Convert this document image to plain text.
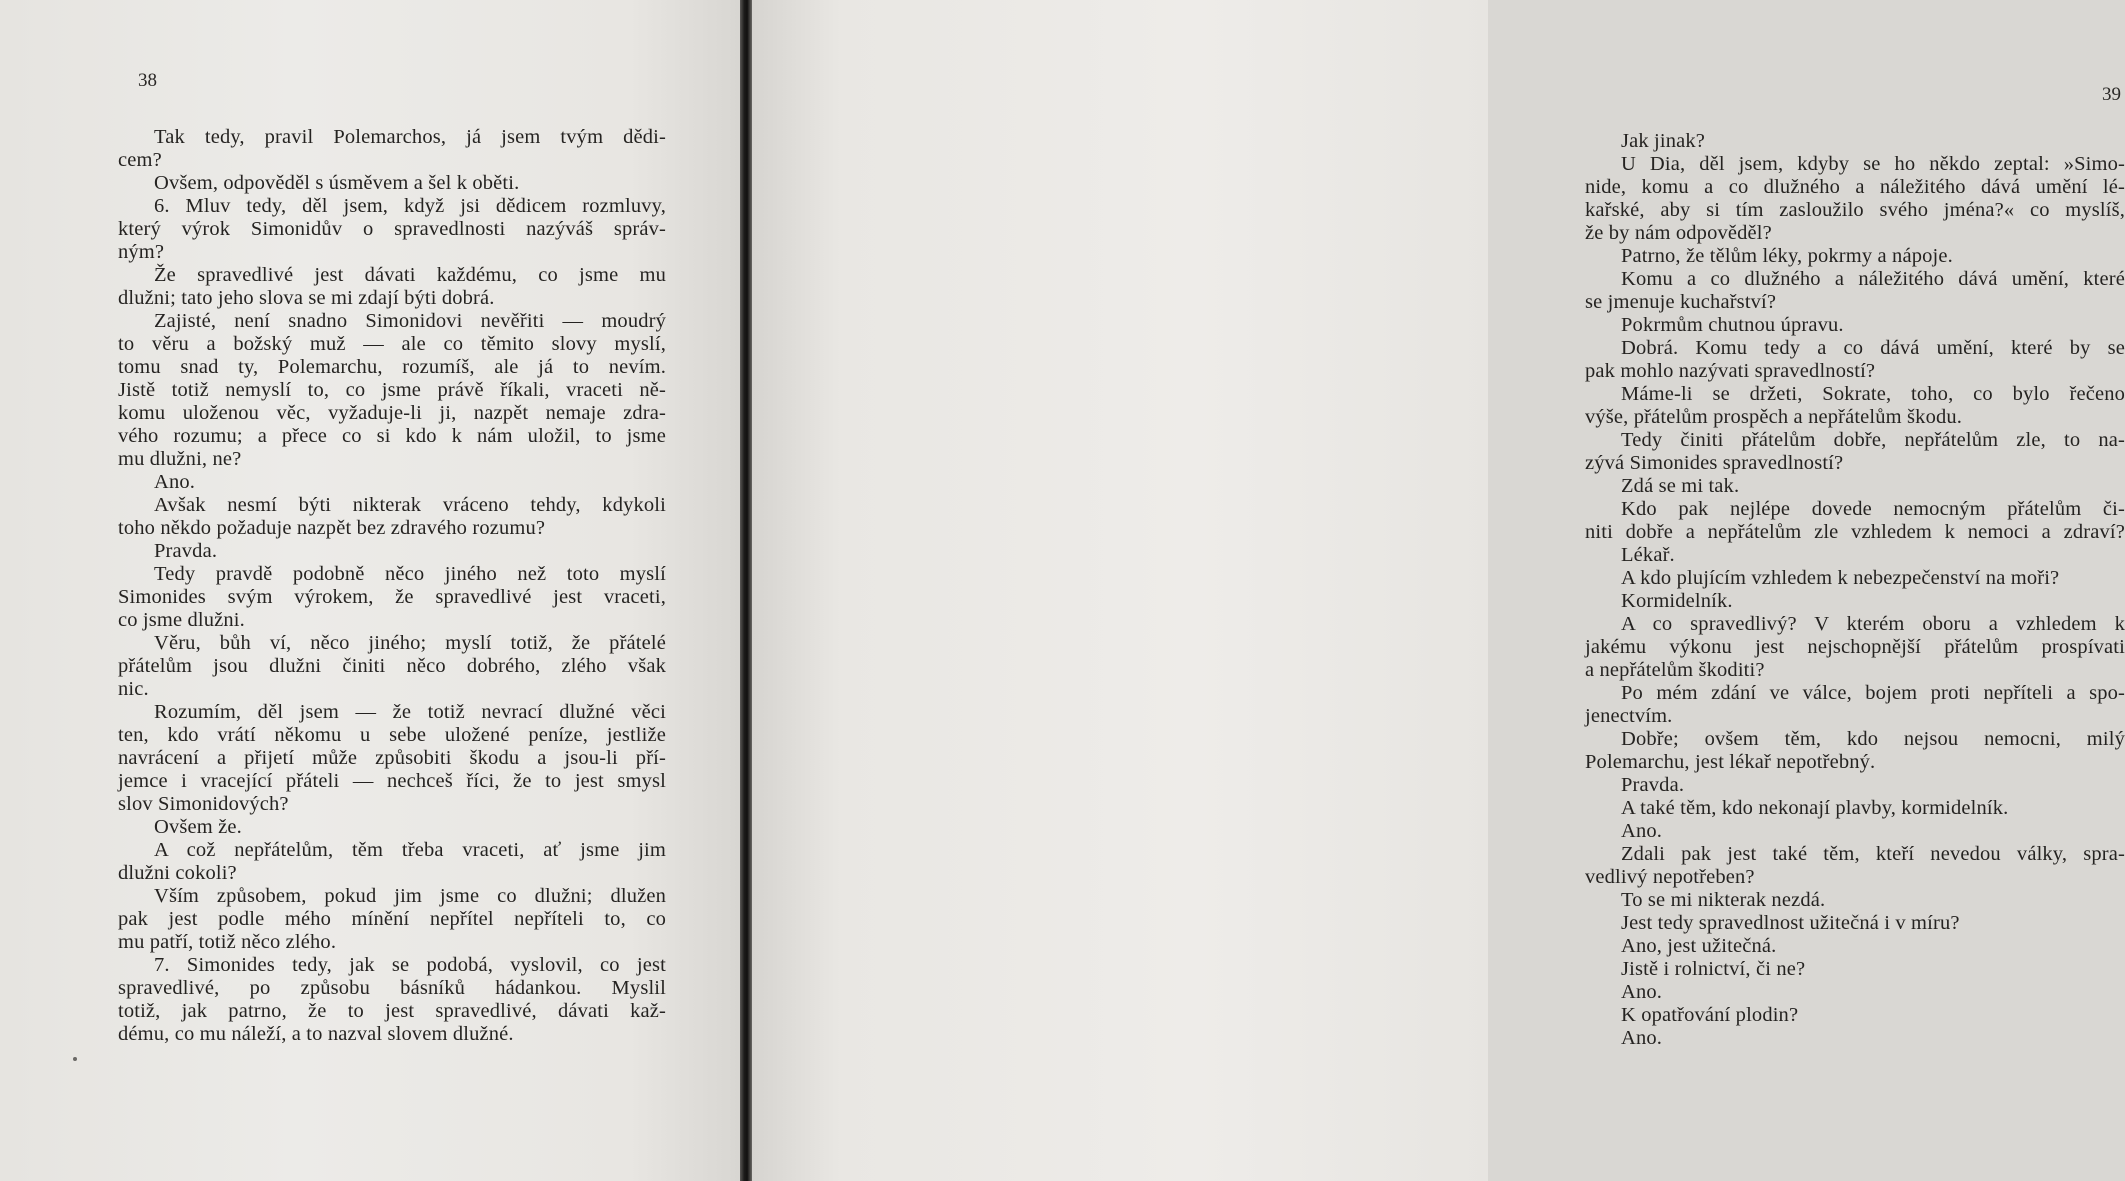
38
Tak tedy, pravil Polemarchos, já jsem tvým dědi-
cem?
Ovšem, odpověděl s úsměvem a šel k oběti.
6. Mluv tedy, děl jsem, když jsi dědicem rozmluvy,
který výrok Simonidův o spravedlnosti nazýváš správ-
ným?
Že spravedlivé jest dávati každému, co jsme mu
dlužni; tato jeho slova se mi zdají býti dobrá.
Zajisté, není snadno Simonidovi nevěřiti — moudrý
to věru a božský muž — ale co těmito slovy myslí,
tomu snad ty, Polemarchu, rozumíš, ale já to nevím.
Jistě totiž nemyslí to, co jsme právě říkali, vraceti ně-
komu uloženou věc, vyžaduje-li ji, nazpět nemaje zdra-
vého rozumu; a přece co si kdo k nám uložil, to jsme
mu dlužni, ne?
Ano.
Avšak nesmí býti nikterak vráceno tehdy, kdykoli
toho někdo požaduje nazpět bez zdravého rozumu?
Pravda.
Tedy pravdě podobně něco jiného než toto myslí
Simonides svým výrokem, že spravedlivé jest vraceti,
co jsme dlužni.
Věru, bůh ví, něco jiného; myslí totiž, že přátelé
přátelům jsou dlužni činiti něco dobrého, zlého však
nic.
Rozumím, děl jsem — že totiž nevrací dlužné věci
ten, kdo vrátí někomu u sebe uložené peníze, jestliže
navrácení a přijetí může způsobiti škodu a jsou-li pří-
jemce i vracející přáteli — nechceš říci, že to jest smysl
slov Simonidových?
Ovšem že.
A což nepřátelům, těm třeba vraceti, ať jsme jim
dlužni cokoli?
Vším způsobem, pokud jim jsme co dlužni; dlužen
pak jest podle mého mínění nepřítel nepříteli to, co
mu patří, totiž něco zlého.
7. Simonides tedy, jak se podobá, vyslovil, co jest
spravedlivé, po způsobu básníků hádankou. Myslil
totiž, jak patrno, že to jest spravedlivé, dávati kaž-
dému, co mu náleží, a to nazval slovem dlužné.
39
Jak jinak?
U Dia, děl jsem, kdyby se ho někdo zeptal: »Simo-
nide, komu a co dlužného a náležitého dává umění lé-
kařské, aby si tím zasloužilo svého jména?« co myslíš,
že by nám odpověděl?
Patrno, že tělům léky, pokrmy a nápoje.
Komu a co dlužného a náležitého dává umění, které
se jmenuje kuchařství?
Pokrmům chutnou úpravu.
Dobrá. Komu tedy a co dává umění, které by se
pak mohlo nazývati spravedlností?
Máme-li se držeti, Sokrate, toho, co bylo řečeno
výše, přátelům prospěch a nepřátelům škodu.
Tedy činiti přátelům dobře, nepřátelům zle, to na-
zývá Simonides spravedlností?
Zdá se mi tak.
Kdo pak nejlépe dovede nemocným přátelům či-
niti dobře a nepřátelům zle vzhledem k nemoci a zdraví?
Lékař.
A kdo plujícím vzhledem k nebezpečenství na moři?
Kormidelník.
A co spravedlivý? V kterém oboru a vzhledem k
jakému výkonu jest nejschopnější přátelům prospívati
a nepřátelům škoditi?
Po mém zdání ve válce, bojem proti nepříteli a spo-
jenectvím.
Dobře; ovšem těm, kdo nejsou nemocni, milý
Polemarchu, jest lékař nepotřebný.
Pravda.
A také těm, kdo nekonají plavby, kormidelník.
Ano.
Zdali pak jest také těm, kteří nevedou války, spra-
vedlivý nepotřeben?
To se mi nikterak nezdá.
Jest tedy spravedlnost užitečná i v míru?
Ano, jest užitečná.
Jistě i rolnictví, či ne?
Ano.
K opatřování plodin?
Ano.
